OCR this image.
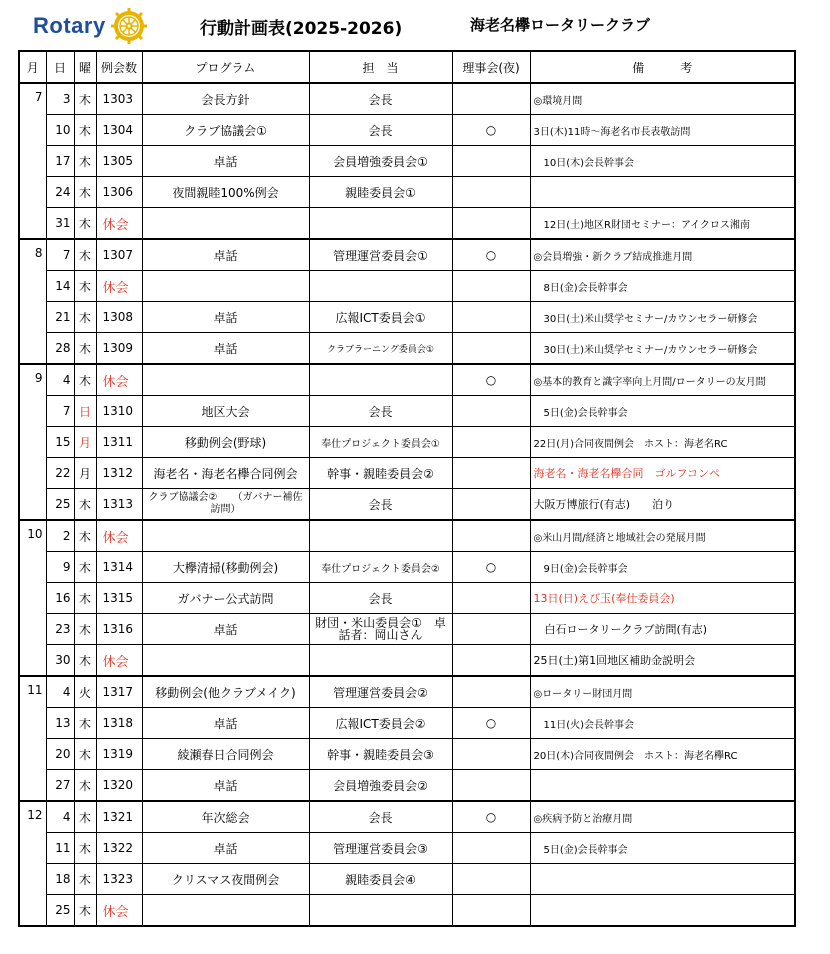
Rotary	行動計画表(2025-2026)	海老名欅ロータリークラブ
月	日	曜	例会数	プログラム	担　当	理事会(夜)	備　　　考
7	3	木	1303	会長方針	会長		◎環境月間
	10	木	1304	クラブ協議会①	会長	○	3日(木)11時～海老名市長表敬訪問
	17	木	1305	卓話	会員増強委員会①		　10日(木)会長幹事会
	24	木	1306	夜間親睦100%例会	親睦委員会①		
	31	木	休会				　12日(土)地区R財団セミナー：アイクロス湘南
8	7	木	1307	卓話	管理運営委員会①	○	◎会員増強・新クラブ結成推進月間
	14	木	休会				　8日(金)会長幹事会
	21	木	1308	卓話	広報ICT委員会①		　30日(土)米山奨学セミナー/カウンセラー研修会
	28	木	1309	卓話	クラブラーニング委員会①		　30日(土)米山奨学セミナー/カウンセラー研修会
9	4	木	休会			○	◎基本的教育と識字率向上月間/ロータリーの友月間
	7	日	1310	地区大会	会長		　5日(金)会長幹事会
	15	月	1311	移動例会(野球)	奉仕プロジェクト委員会①		22日(月)合同夜間例会　ホスト：海老名RC
	22	月	1312	海老名・海老名欅合同例会	幹事・親睦委員会②		海老名・海老名欅合同　ゴルフコンペ
	25	木	1313	クラブ協議会②　　（ガバナー補佐訪問）	会長		大阪万博旅行(有志)　　泊り
10	2	木	休会				◎米山月間/経済と地域社会の発展月間
	9	木	1314	大欅清掃(移動例会)	奉仕プロジェクト委員会②	○	　9日(金)会長幹事会
	16	木	1315	ガバナー公式訪問	会長		13日(日)えび玉(奉仕委員会)
	23	木	1316	卓話	財団・米山委員会①　卓話者：岡山さん		　白石ロータリークラブ訪問(有志)
	30	木	休会				25日(土)第1回地区補助金説明会
11	4	火	1317	移動例会(他クラブメイク)	管理運営委員会②		◎ロータリー財団月間
	13	木	1318	卓話	広報ICT委員会②	○	　11日(火)会長幹事会
	20	木	1319	綾瀬春日合同例会	幹事・親睦委員会③		20日(木)合同夜間例会　ホスト：海老名欅RC
	27	木	1320	卓話	会員増強委員会②		
12	4	木	1321	年次総会	会長	○	◎疾病予防と治療月間
	11	木	1322	卓話	管理運営委員会③		　5日(金)会長幹事会
	18	木	1323	クリスマス夜間例会	親睦委員会④		
	25	木	休会				
